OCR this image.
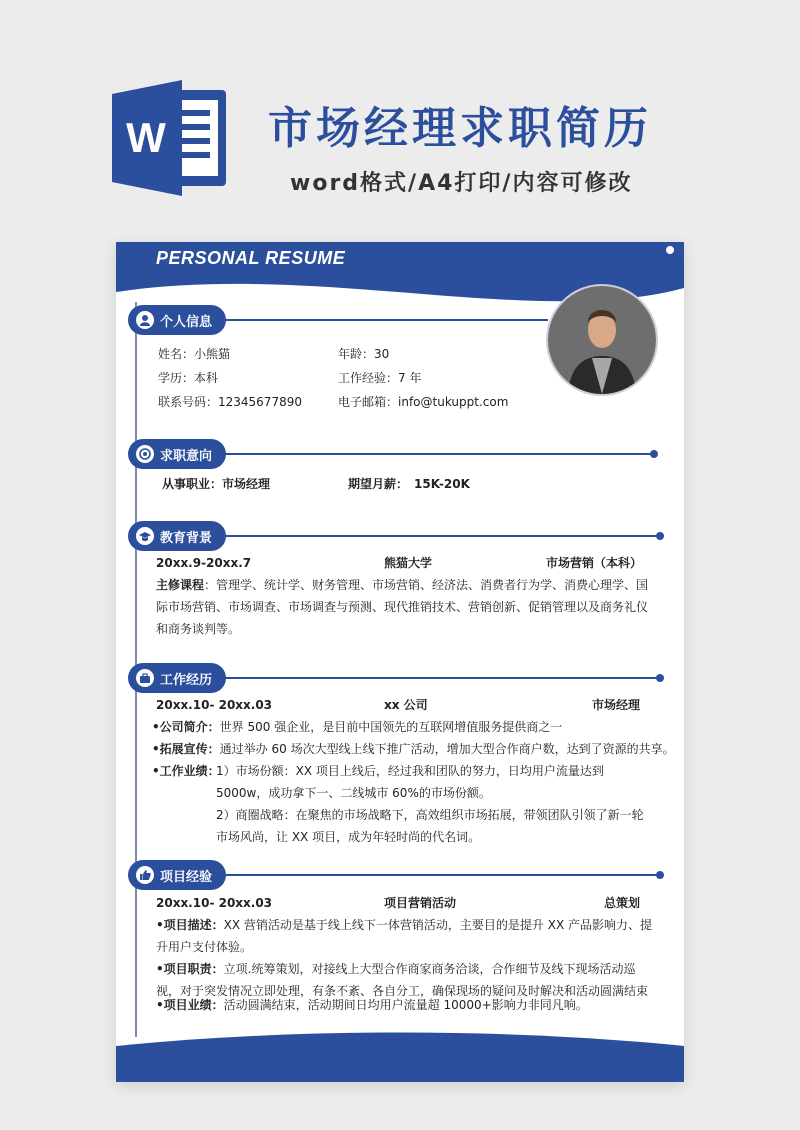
W 市场经理求职简历
word格式/A4打印/内容可修改
PERSONAL RESUME
个人信息
姓名：小熊猫	年龄：30
学历：本科	工作经验：7 年
联系号码：12345677890	电子邮箱：info@tukuppt.com
求职意向
从事职业：市场经理	期望月薪： 15K-20K
教育背景
20xx.9-20xx.7	熊猫大学	市场营销（本科）
主修课程：管理学、统计学、财务管理、市场营销、经济法、消费者行为学、消费心理学、国际市场营销、市场调查、市场调查与预测、现代推销技术、营销创新、促销管理以及商务礼仪和商务谈判等。
工作经历
20xx.10- 20xx.03	xx 公司	市场经理
•公司简介：世界 500 强企业，是目前中国领先的互联网增值服务提供商之一
•拓展宣传：通过举办 60 场次大型线上线下推广活动，增加大型合作商户数，达到了资源的共享。
•工作业绩：
1）市场份额：XX 项目上线后，经过我和团队的努力，日均用户流量达到 5000w，成功拿下一、二线城市 60%的市场份额。
2）商圈战略：在聚焦的市场战略下，高效组织市场拓展，带领团队引领了新一轮市场风尚，让 XX 项目，成为年轻时尚的代名词。
项目经验
20xx.10- 20xx.03	项目营销活动	总策划
•项目描述：XX 营销活动是基于线上线下一体营销活动，主要目的是提升 XX 产品影响力、提升用户支付体验。
•项目职责：立项.统筹策划，对接线上大型合作商家商务洽谈，合作细节及线下现场活动巡视，对于突发情况立即处理，有条不紊、各自分工，确保现场的疑问及时解决和活动圆满结束
•项目业绩：活动圆满结束，活动期间日均用户流量超 10000+影响力非同凡响。
